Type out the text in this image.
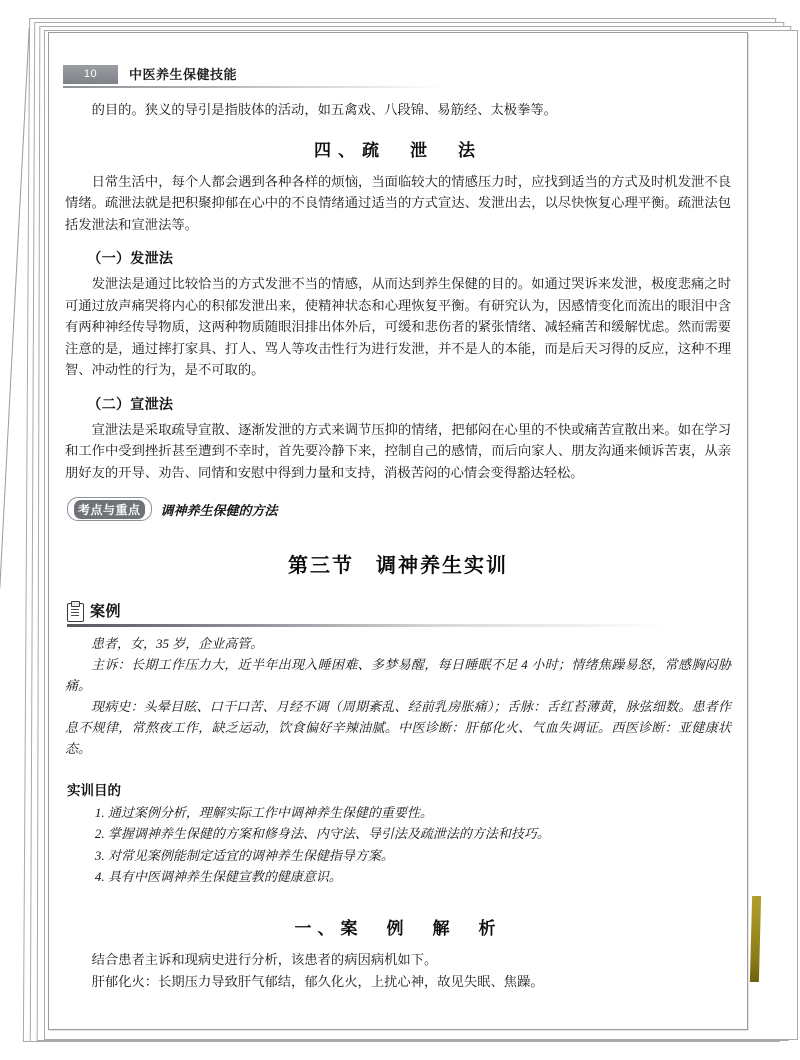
10	中医养生保健技能

的目的。狭义的导引是指肢体的活动，如五禽戏、八段锦、易筋经、太极拳等。

四、疏　泄　法

日常生活中，每个人都会遇到各种各样的烦恼，当面临较大的情感压力时，应找到适当的方式及时机发泄不良情绪。疏泄法就是把积聚抑郁在心中的不良情绪通过适当的方式宣达、发泄出去，以尽快恢复心理平衡。疏泄法包括发泄法和宣泄法等。

（一）发泄法

发泄法是通过比较恰当的方式发泄不当的情感，从而达到养生保健的目的。如通过哭诉来发泄，极度悲痛之时可通过放声痛哭将内心的积郁发泄出来，使精神状态和心理恢复平衡。有研究认为，因感情变化而流出的眼泪中含有两种神经传导物质，这两种物质随眼泪排出体外后，可缓和悲伤者的紧张情绪、减轻痛苦和缓解忧虑。然而需要注意的是，通过摔打家具、打人、骂人等攻击性行为进行发泄，并不是人的本能，而是后天习得的反应，这种不理智、冲动性的行为，是不可取的。

（二）宣泄法

宣泄法是采取疏导宣散、逐渐发泄的方式来调节压抑的情绪，把郁闷在心里的不快或痛苦宣散出来。如在学习和工作中受到挫折甚至遭到不幸时，首先要冷静下来，控制自己的感情，而后向家人、朋友沟通来倾诉苦衷，从亲朋好友的开导、劝告、同情和安慰中得到力量和支持，消极苦闷的心情会变得豁达轻松。

考点与重点	调神养生保健的方法
第三节　调神养生实训
案例

患者，女，35 岁，企业高管。

主诉：长期工作压力大，近半年出现入睡困难、多梦易醒，每日睡眠不足 4 小时；情绪焦躁易怒，常感胸闷胁痛。

现病史：头晕目眩、口干口苦、月经不调（周期紊乱、经前乳房胀痛）；舌脉：舌红苔薄黄，脉弦细数。患者作息不规律，常熬夜工作，缺乏运动，饮食偏好辛辣油腻。中医诊断：肝郁化火、气血失调证。西医诊断：亚健康状态。

实训目的
1. 通过案例分析，理解实际工作中调神养生保健的重要性。
2. 掌握调神养生保健的方案和修身法、内守法、导引法及疏泄法的方法和技巧。
3. 对常见案例能制定适宜的调神养生保健指导方案。
4. 具有中医调神养生保健宣教的健康意识。
一、案　例　解　析

结合患者主诉和现病史进行分析，该患者的病因病机如下。

肝郁化火：长期压力导致肝气郁结，郁久化火，上扰心神，故见失眠、焦躁。
